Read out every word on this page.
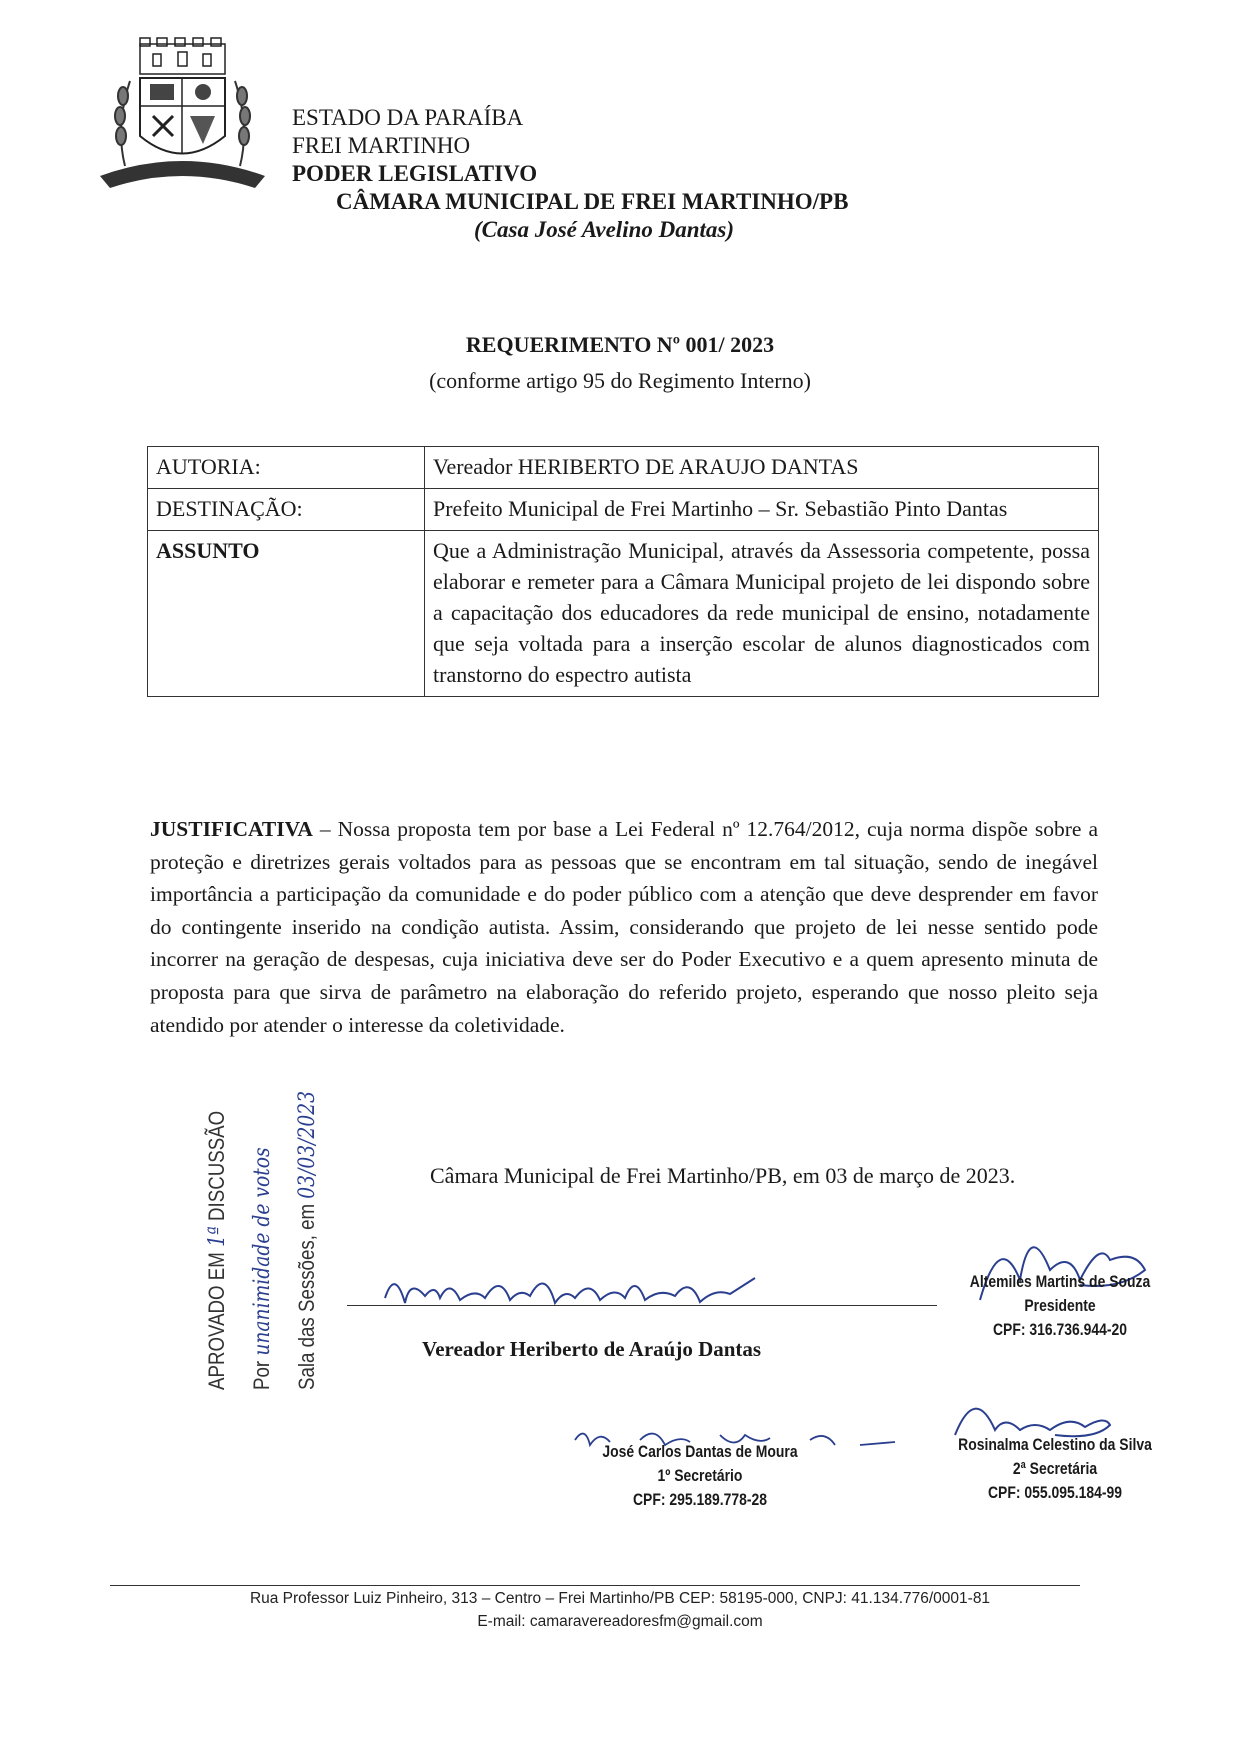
ESTADO DA PARAÍBA
FREI MARTINHO
PODER LEGISLATIVO
CÂMARA MUNICIPAL DE FREI MARTINHO/PB
(Casa José Avelino Dantas)
REQUERIMENTO Nº 001/ 2023
(conforme artigo 95 do Regimento Interno)
AUTORIA:	Vereador HERIBERTO DE ARAUJO DANTAS
DESTINAÇÃO:	Prefeito Municipal de Frei Martinho – Sr. Sebastião Pinto Dantas
ASSUNTO	Que a Administração Municipal, através da Assessoria competente, possa elaborar e remeter para a Câmara Municipal projeto de lei dispondo sobre a capacitação dos educadores da rede municipal de ensino, notadamente que seja voltada para a inserção escolar de alunos diagnosticados com transtorno do espectro autista
JUSTIFICATIVA – Nossa proposta tem por base a Lei Federal nº 12.764/2012, cuja norma dispõe sobre a proteção e diretrizes gerais voltados para as pessoas que se encontram em tal situação, sendo de inegável importância a participação da comunidade e do poder público com a atenção que deve desprender em favor do contingente inserido na condição autista. Assim, considerando que projeto de lei nesse sentido pode incorrer na geração de despesas, cuja iniciativa deve ser do Poder Executivo e a quem apresento minuta de proposta para que sirva de parâmetro na elaboração do referido projeto, esperando que nosso pleito seja atendido por atender o interesse da coletividade.
Câmara Municipal de Frei Martinho/PB, em 03 de março de 2023.
APROVADO EM 1ª DISCUSSÃO
Por unanimidade de votos Sala das Sessões, em 03/03/2023
Vereador Heriberto de Araújo Dantas
Altemiles Martins de Souza
Presidente
CPF: 316.736.944-20
José Carlos Dantas de Moura
1º Secretário
CPF: 295.189.778-28
Rosinalma Celestino da Silva
2ª Secretária
CPF: 055.095.184-99
Rua Professor Luiz Pinheiro, 313 – Centro – Frei Martinho/PB CEP: 58195-000, CNPJ: 41.134.776/0001-81
E-mail: camaravereadoresfm@gmail.com
